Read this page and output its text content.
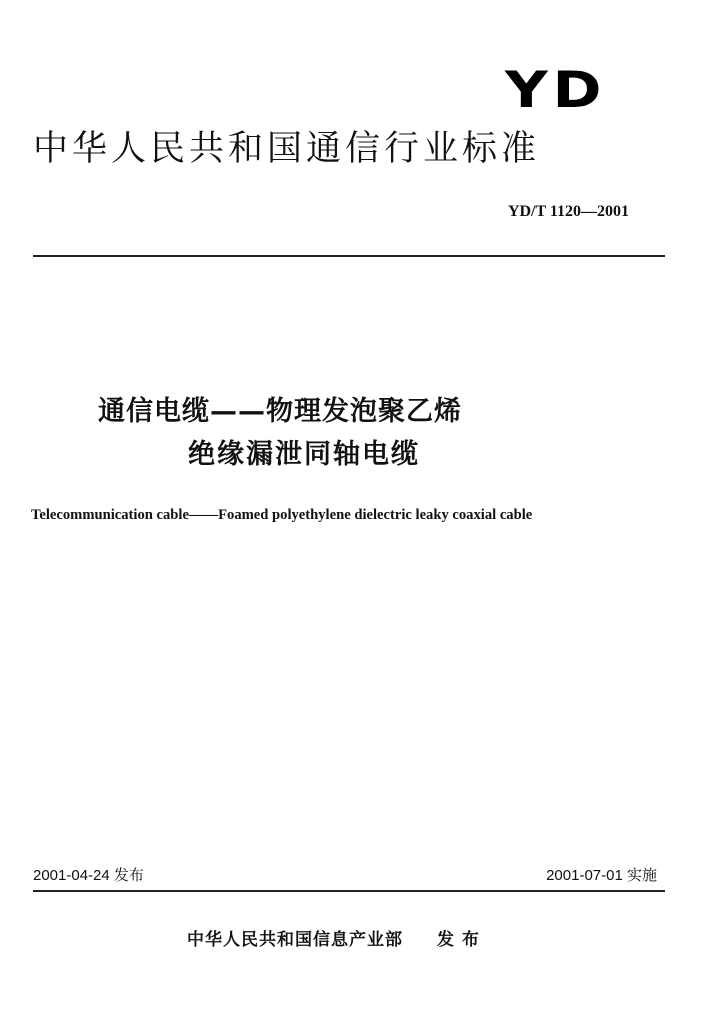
YD
中华人民共和国通信行业标准
YD/T 1120—2001
通信电缆——物理发泡聚乙烯
绝缘漏泄同轴电缆
Telecommunication cable——Foamed polyethylene dielectric leaky coaxial cable
2001-04-24 发布	2001-07-01 实施
中华人民共和国信息产业部 发 布
